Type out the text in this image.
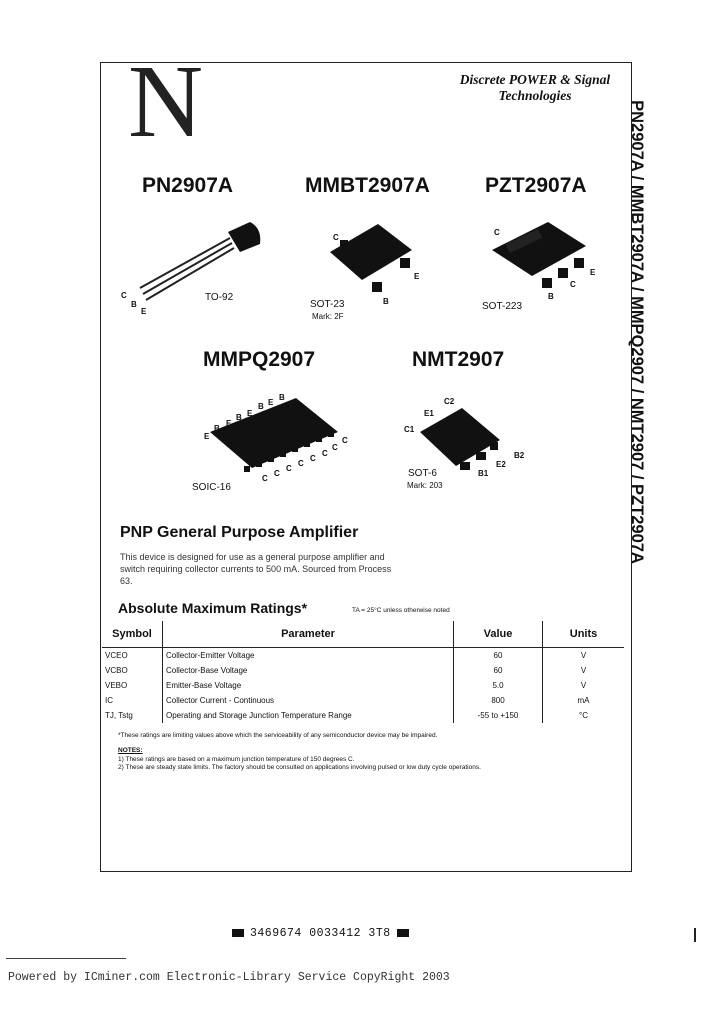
N	Discrete POWER & Signal
Technologies
PN2907A / MMBT2907A / MMPQ2907 / NMT2907 / PZT2907A
PN2907A	MMBT2907A	PZT2907A
MMPQ2907	NMT2907
TO-92
SOT-23
Mark: 2F
SOT-223
SOIC-16
SOT-6
Mark: 203
C
B
E
C
E
B
C
B
C
E
E
B
E
B E
B E
B
C
C
C
C
C
C
C
C
C2
E1
C1
B2
E2
B1
PNP General Purpose Amplifier
This device is designed for use as a general purpose amplifier and switch requiring collector currents to 500 mA. Sourced from Process 63.
Absolute Maximum Ratings*	TA = 25°C unless otherwise noted
Symbol	Parameter	Value	Units
VCEO	Collector-Emitter Voltage	60	V
VCBO	Collector-Base Voltage	60	V
VEBO	Emitter-Base Voltage	5.0	V
IC	Collector Current - Continuous	800	mA
TJ, Tstg	Operating and Storage Junction Temperature Range	-55 to +150	°C
*These ratings are limiting values above which the serviceability of any semiconductor device may be impaired.
NOTES:
1) These ratings are based on a maximum junction temperature of 150 degrees C.
2) These are steady state limits. The factory should be consulted on applications involving pulsed or low duty cycle operations.
3469674 0033412 3T8
Powered by ICminer.com Electronic-Library Service CopyRight 2003
